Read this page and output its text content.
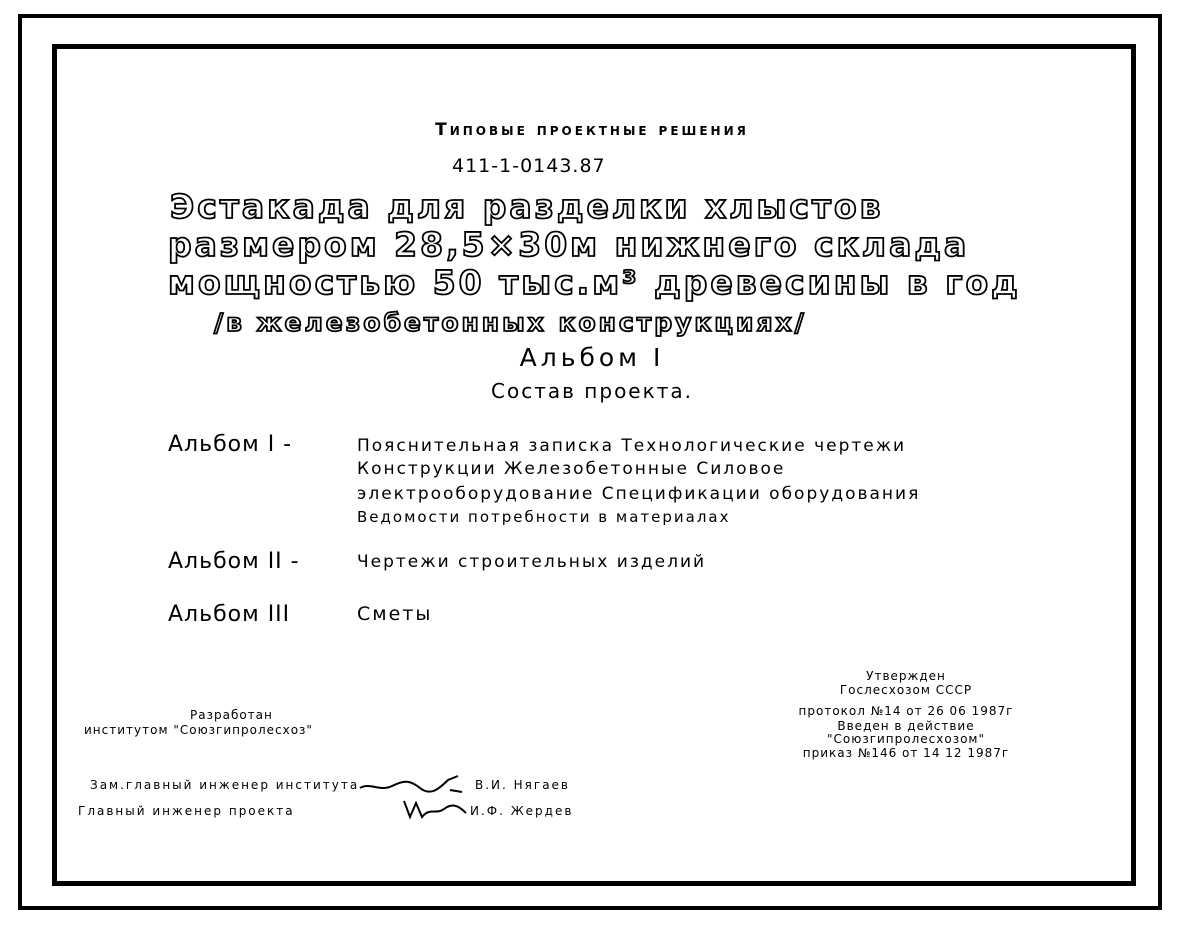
Типовые проектные решения
411-1-0143.87
Эстакада для разделки хлыстов
размером 28,5×30м нижнего склада
мощностью 50 тыс.м³ древесины в год
/в железобетонных конструкциях/
Альбом I
Состав проекта.
Альбом I -	Пояснительная записка Технологические чертежи
Конструкции Железобетонные Силовое
электрооборудование Спецификации оборудования
Ведомости потребности в материалах
Альбом II -	Чертежи строительных изделий
Альбом III	Сметы
Разработан
институтом "Союзгипролесхоз"
Утвержден
Гослесхозом СССР
протокол №14 от 26 06 1987г
Введен в действие
"Союзгипролесхозом"
приказ №146 от 14 12 1987г
Зам.главный инженер института	В.И. Нягаев
Главный инженер проекта	И.Ф. Жердев
